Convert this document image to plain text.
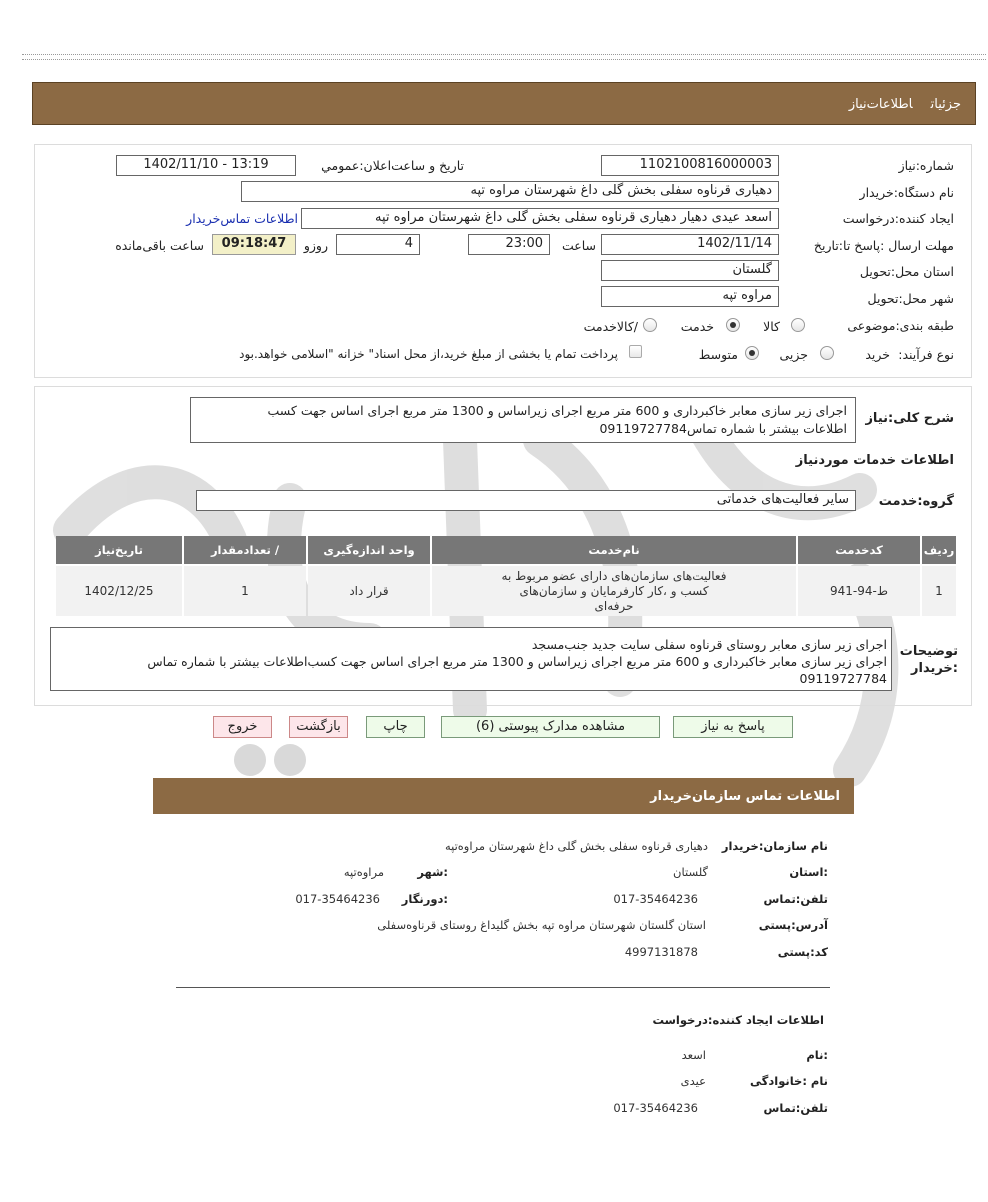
جزئیاتاطلاعات‌نیاز
شماره:نیاز
1102100816000003
تاریخ و ساعت‌اعلان:عمومي
1402/11/10 - 13:19
نام دستگاه:خریدار
دهیاری قرناوه سفلی بخش گلی داغ شهرستان مراوه تپه
ایجاد کننده:درخواست
اسعد عیدی دهیار دهیاری قرناوه سفلی بخش گلی داغ شهرستان مراوه تپه
اطلاعات تماس‌خریدار
مهلت ارسال :پاسخ تا:تاریخ
1402/11/14
ساعت
23:00
4
روزو
09:18:47
ساعت باقی‌مانده
استان محل:تحویل
گلستان
شهر محل:تحویل
مراوه تپه
طبقه بندی:موضوعی
کالا
خدمت
/کالاخدمت
نوع فرآیند:
خرید
جزیی
متوسط
پرداخت تمام یا بخشی از مبلغ خرید،از محل اسناد" خزانه "اسلامی خواهد.بود
شرح کلی:نیاز
اجرای زیر سازی معابر خاکبرداری و 600 متر مربع اجرای زیراساس و 1300 متر مربع اجرای اساس جهت کسب
اطلاعات بیشتر با شماره تماس09119727784
اطلاعات خدمات موردنیاز
گروه:خدمت
سایر فعالیت‌های خدماتی
ردیف	کدخدمت	نام‌خدمت	واحد اندازه‌گیری	/ تعدادمقدار	تاریخ‌نیاز
1	ط-94-941	فعالیت‌های سازمان‌های دارای عضو مربوط به
کسب و ،کار کارفرمایان و سازمان‌های
حرفه‌ای	قرار داد	1	1402/12/25
توضیحات
:خریدار
اجرای زیر سازی معابر روستای قرناوه سفلی سایت جدید جنب‌مسجد
اجرای زیر سازی معابر خاکبرداری و 600 متر مربع اجرای زیراساس و 1300 متر مربع اجرای اساس جهت کسب‌اطلاعات بیشتر با شماره تماس
09119727784
پاسخ به نیاز
مشاهده مدارک پیوستی (6)
چاپ
بازگشت
خروج
اطلاعات تماس سازمان‌خریدار
نام سازمان:خریدار
دهیاری قرناوه سفلی بخش گلی داغ شهرستان مراوه‌تپه
:استان
گلستان
:شهر
مراوه‌تپه
تلفن:تماس
017-35464236
:دورنگار
017-35464236
آدرس:پستی
استان گلستان شهرستان مراوه تپه بخش گلیداغ روستای قرناوه‌سفلی
کد:پستی
4997131878
اطلاعات ایجاد کننده:درخواست
:نام
اسعد
نام :خانوادگی
عیدی
تلفن:تماس
017-35464236
